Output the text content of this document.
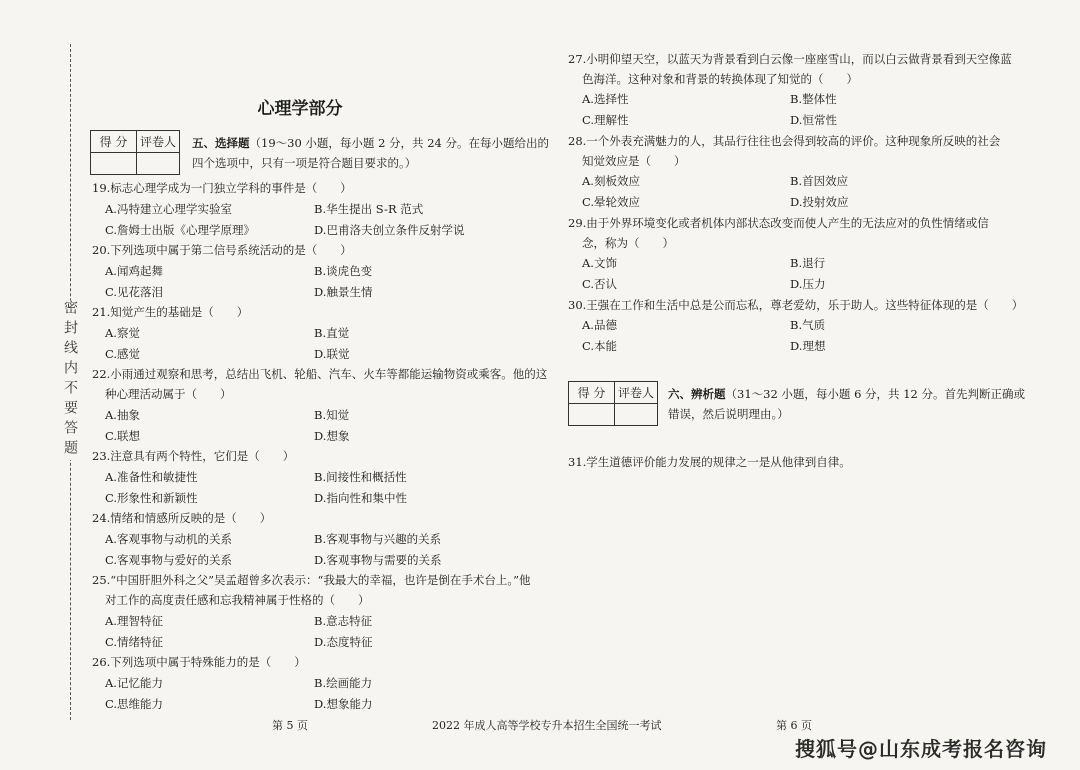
密封线内不要答题
心理学部分
得 分	评卷人
	五、选择题（19～30 小题，每小题 2 分，共 24 分。在每小题给出的
四个选项中，只有一项是符合题目要求的。）
19.标志心理学成为一门独立学科的事件是（　　）
A.冯特建立心理学实验室	B.华生提出 S-R 范式
C.詹姆士出版《心理学原理》	D.巴甫洛夫创立条件反射学说
20.下列选项中属于第二信号系统活动的是（　　）
A.闻鸡起舞	B.谈虎色变
C.见花落泪	D.触景生情
21.知觉产生的基础是（　　）
A.察觉	B.直觉
C.感觉	D.联觉
22.小雨通过观察和思考，总结出飞机、轮船、汽车、火车等都能运输物资或乘客。他的这
种心理活动属于（　　）
A.抽象	B.知觉
C.联想	D.想象
23.注意具有两个特性，它们是（　　）
A.准备性和敏捷性	B.间接性和概括性
C.形象性和新颖性	D.指向性和集中性
24.情绪和情感所反映的是（　　）
A.客观事物与动机的关系	B.客观事物与兴趣的关系
C.客观事物与爱好的关系	D.客观事物与需要的关系
25.“中国肝胆外科之父”吴孟超曾多次表示：“我最大的幸福，也许是倒在手术台上。”他
对工作的高度责任感和忘我精神属于性格的（　　）
A.理智特征	B.意志特征
C.情绪特征	D.态度特征
26.下列选项中属于特殊能力的是（　　）
A.记忆能力	B.绘画能力
C.思维能力	D.想象能力
27.小明仰望天空，以蓝天为背景看到白云像一座座雪山，而以白云做背景看到天空像蓝
色海洋。这种对象和背景的转换体现了知觉的（　　）
A.选择性	B.整体性
C.理解性	D.恒常性
28.一个外表充满魅力的人，其品行往往也会得到较高的评价。这种现象所反映的社会
知觉效应是（　　）
A.刻板效应	B.首因效应
C.晕轮效应	D.投射效应
29.由于外界环境变化或者机体内部状态改变而使人产生的无法应对的负性情绪或信
念，称为（　　）
A.文饰	B.退行
C.否认	D.压力
30.王强在工作和生活中总是公而忘私，尊老爱幼，乐于助人。这些特征体现的是（　　）
A.品德	B.气质
C.本能	D.理想
得 分	评卷人
	六、辨析题（31～32 小题，每小题 6 分，共 12 分。首先判断正确或
错误，然后说明理由。）
31.学生道德评价能力发展的规律之一是从他律到自律。
第 5 页	2022 年成人高等学校专升本招生全国统一考试	第 6 页
搜狐号@山东成考报名咨询
